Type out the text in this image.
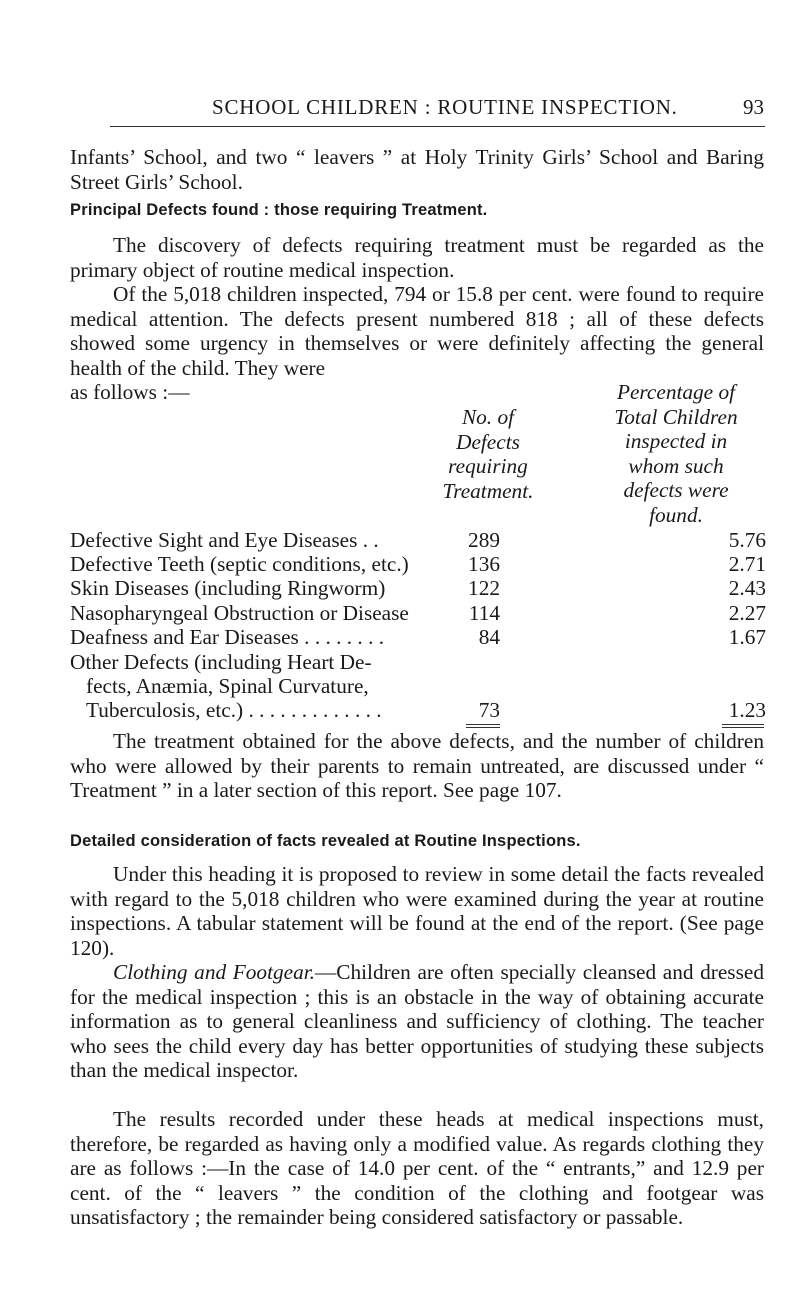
SCHOOL CHILDREN : ROUTINE INSPECTION.	93

Infants’ School, and two “ leavers ” at Holy Trinity Girls’ School and Baring Street Girls’ School.

Principal Defects found : those requiring Treatment.

The discovery of defects requiring treatment must be regarded as the primary object of routine medical inspection.

Of the 5,018 children inspected, 794 or 15.8 per cent. were found to require medical attention. The defects present numbered 818 ; all of these defects showed some urgency in themselves or were definitely affecting the general health of the child. They were

as follows :—
No. of
Defects
requiring
Treatment.
Percentage of
Total Children
inspected in
whom such
defects were
found.
Defective Sight and Eye Diseases . .	289	5.76
Defective Teeth (septic conditions, etc.)	136	2.71
Skin Diseases (including Ringworm)	122	2.43
Nasopharyngeal Obstruction or Disease	114	2.27
Deafness and Ear Diseases . . . . . . . .	84	1.67
Other Defects (including Heart De-
fects, Anæmia, Spinal Curvature,
Tuberculosis, etc.) . . . . . . . . . . . . .	73	1.23

The treatment obtained for the above defects, and the number of children who were allowed by their parents to remain untreated, are discussed under “ Treatment ” in a later section of this report. See page 107.

Detailed consideration of facts revealed at Routine Inspections.

Under this heading it is proposed to review in some detail the facts revealed with regard to the 5,018 children who were examined during the year at routine inspections. A tabular statement will be found at the end of the report. (See page 120).

Clothing and Footgear.—Children are often specially cleansed and dressed for the medical inspection ; this is an obstacle in the way of obtaining accurate information as to general cleanliness and sufficiency of clothing. The teacher who sees the child every day has better opportunities of studying these subjects than the medical inspector.

The results recorded under these heads at medical inspections must, therefore, be regarded as having only a modified value. As regards clothing they are as follows :—In the case of 14.0 per cent. of the “ entrants,” and 12.9 per cent. of the “ leavers ” the condition of the clothing and footgear was unsatisfactory ; the remainder being considered satisfactory or passable.
